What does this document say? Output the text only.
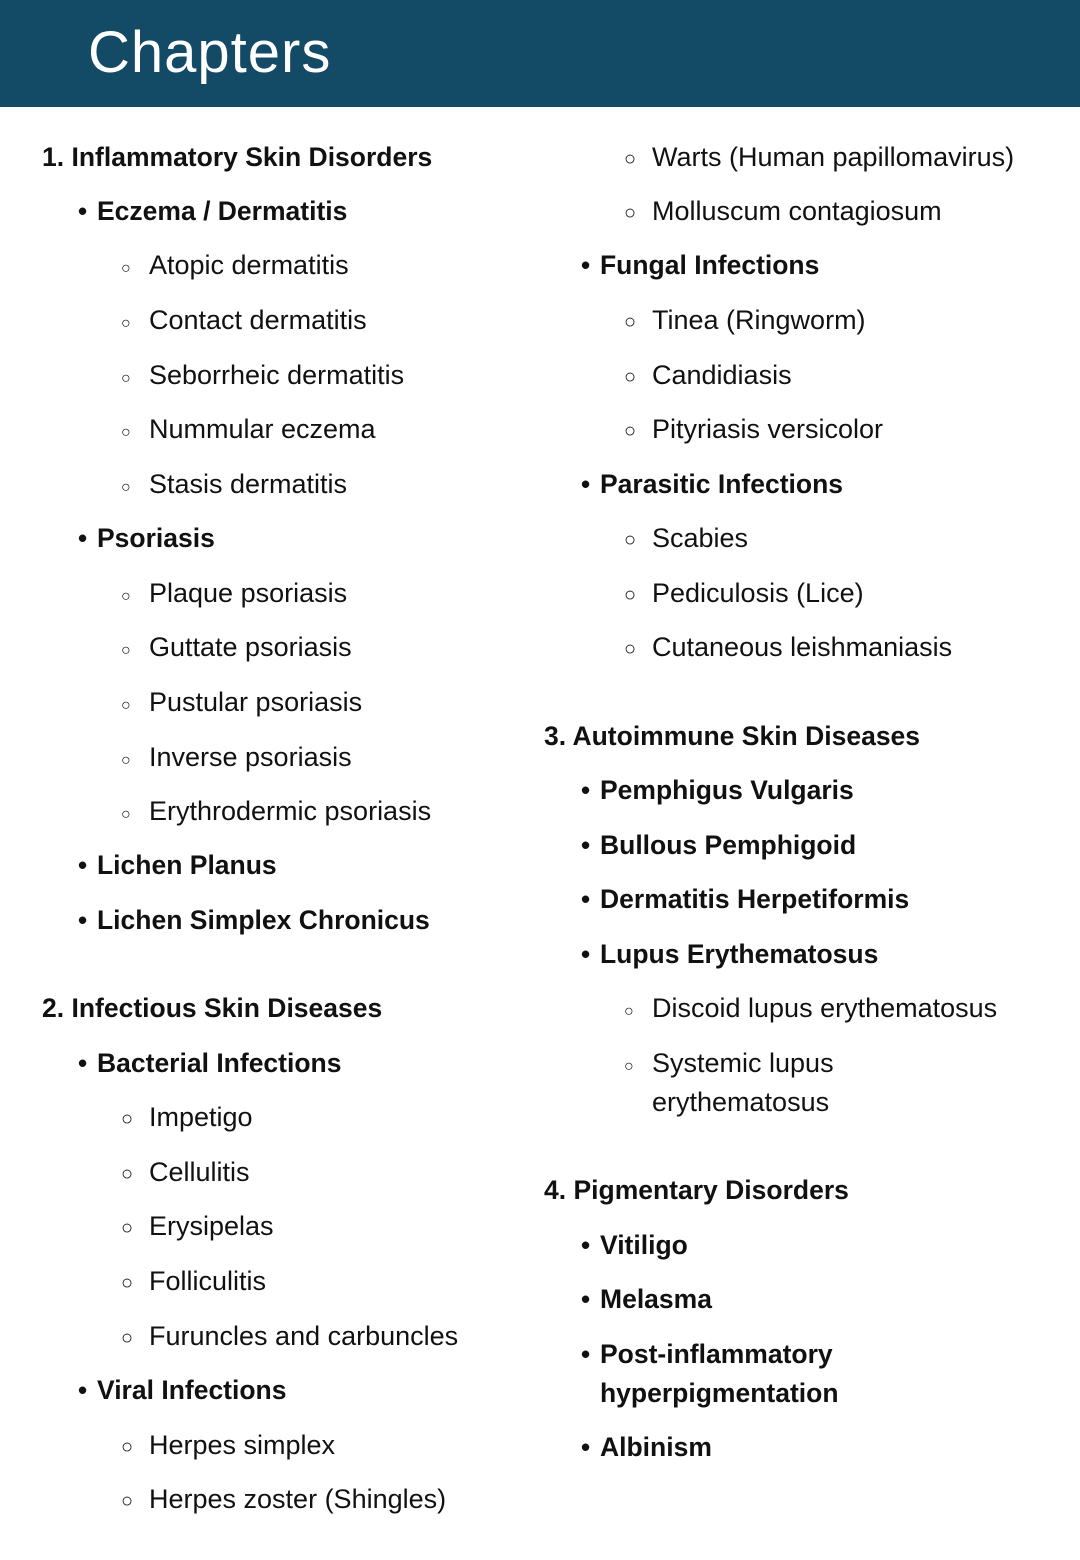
Chapters
1. Inflammatory Skin Disorders
• Eczema / Dermatitis
○ Atopic dermatitis
○ Contact dermatitis
○ Seborrheic dermatitis
○ Nummular eczema
○ Stasis dermatitis
• Psoriasis
○ Plaque psoriasis
○ Guttate psoriasis
○ Pustular psoriasis
○ Inverse psoriasis
○ Erythrodermic psoriasis
• Lichen Planus
• Lichen Simplex Chronicus
2. Infectious Skin Diseases
• Bacterial Infections
○ Impetigo
○ Cellulitis
○ Erysipelas
○ Folliculitis
○ Furuncles and carbuncles
• Viral Infections
○ Herpes simplex
○ Herpes zoster (Shingles)
○ Warts (Human papillomavirus)
○ Molluscum contagiosum
• Fungal Infections
○ Tinea (Ringworm)
○ Candidiasis
○ Pityriasis versicolor
• Parasitic Infections
○ Scabies
○ Pediculosis (Lice)
○ Cutaneous leishmaniasis
3. Autoimmune Skin Diseases
• Pemphigus Vulgaris
• Bullous Pemphigoid
• Dermatitis Herpetiformis
• Lupus Erythematosus
○ Discoid lupus erythematosus
○ Systemic lupus
erythematosus
4. Pigmentary Disorders
• Vitiligo
• Melasma
• Post-inflammatory
hyperpigmentation
• Albinism
